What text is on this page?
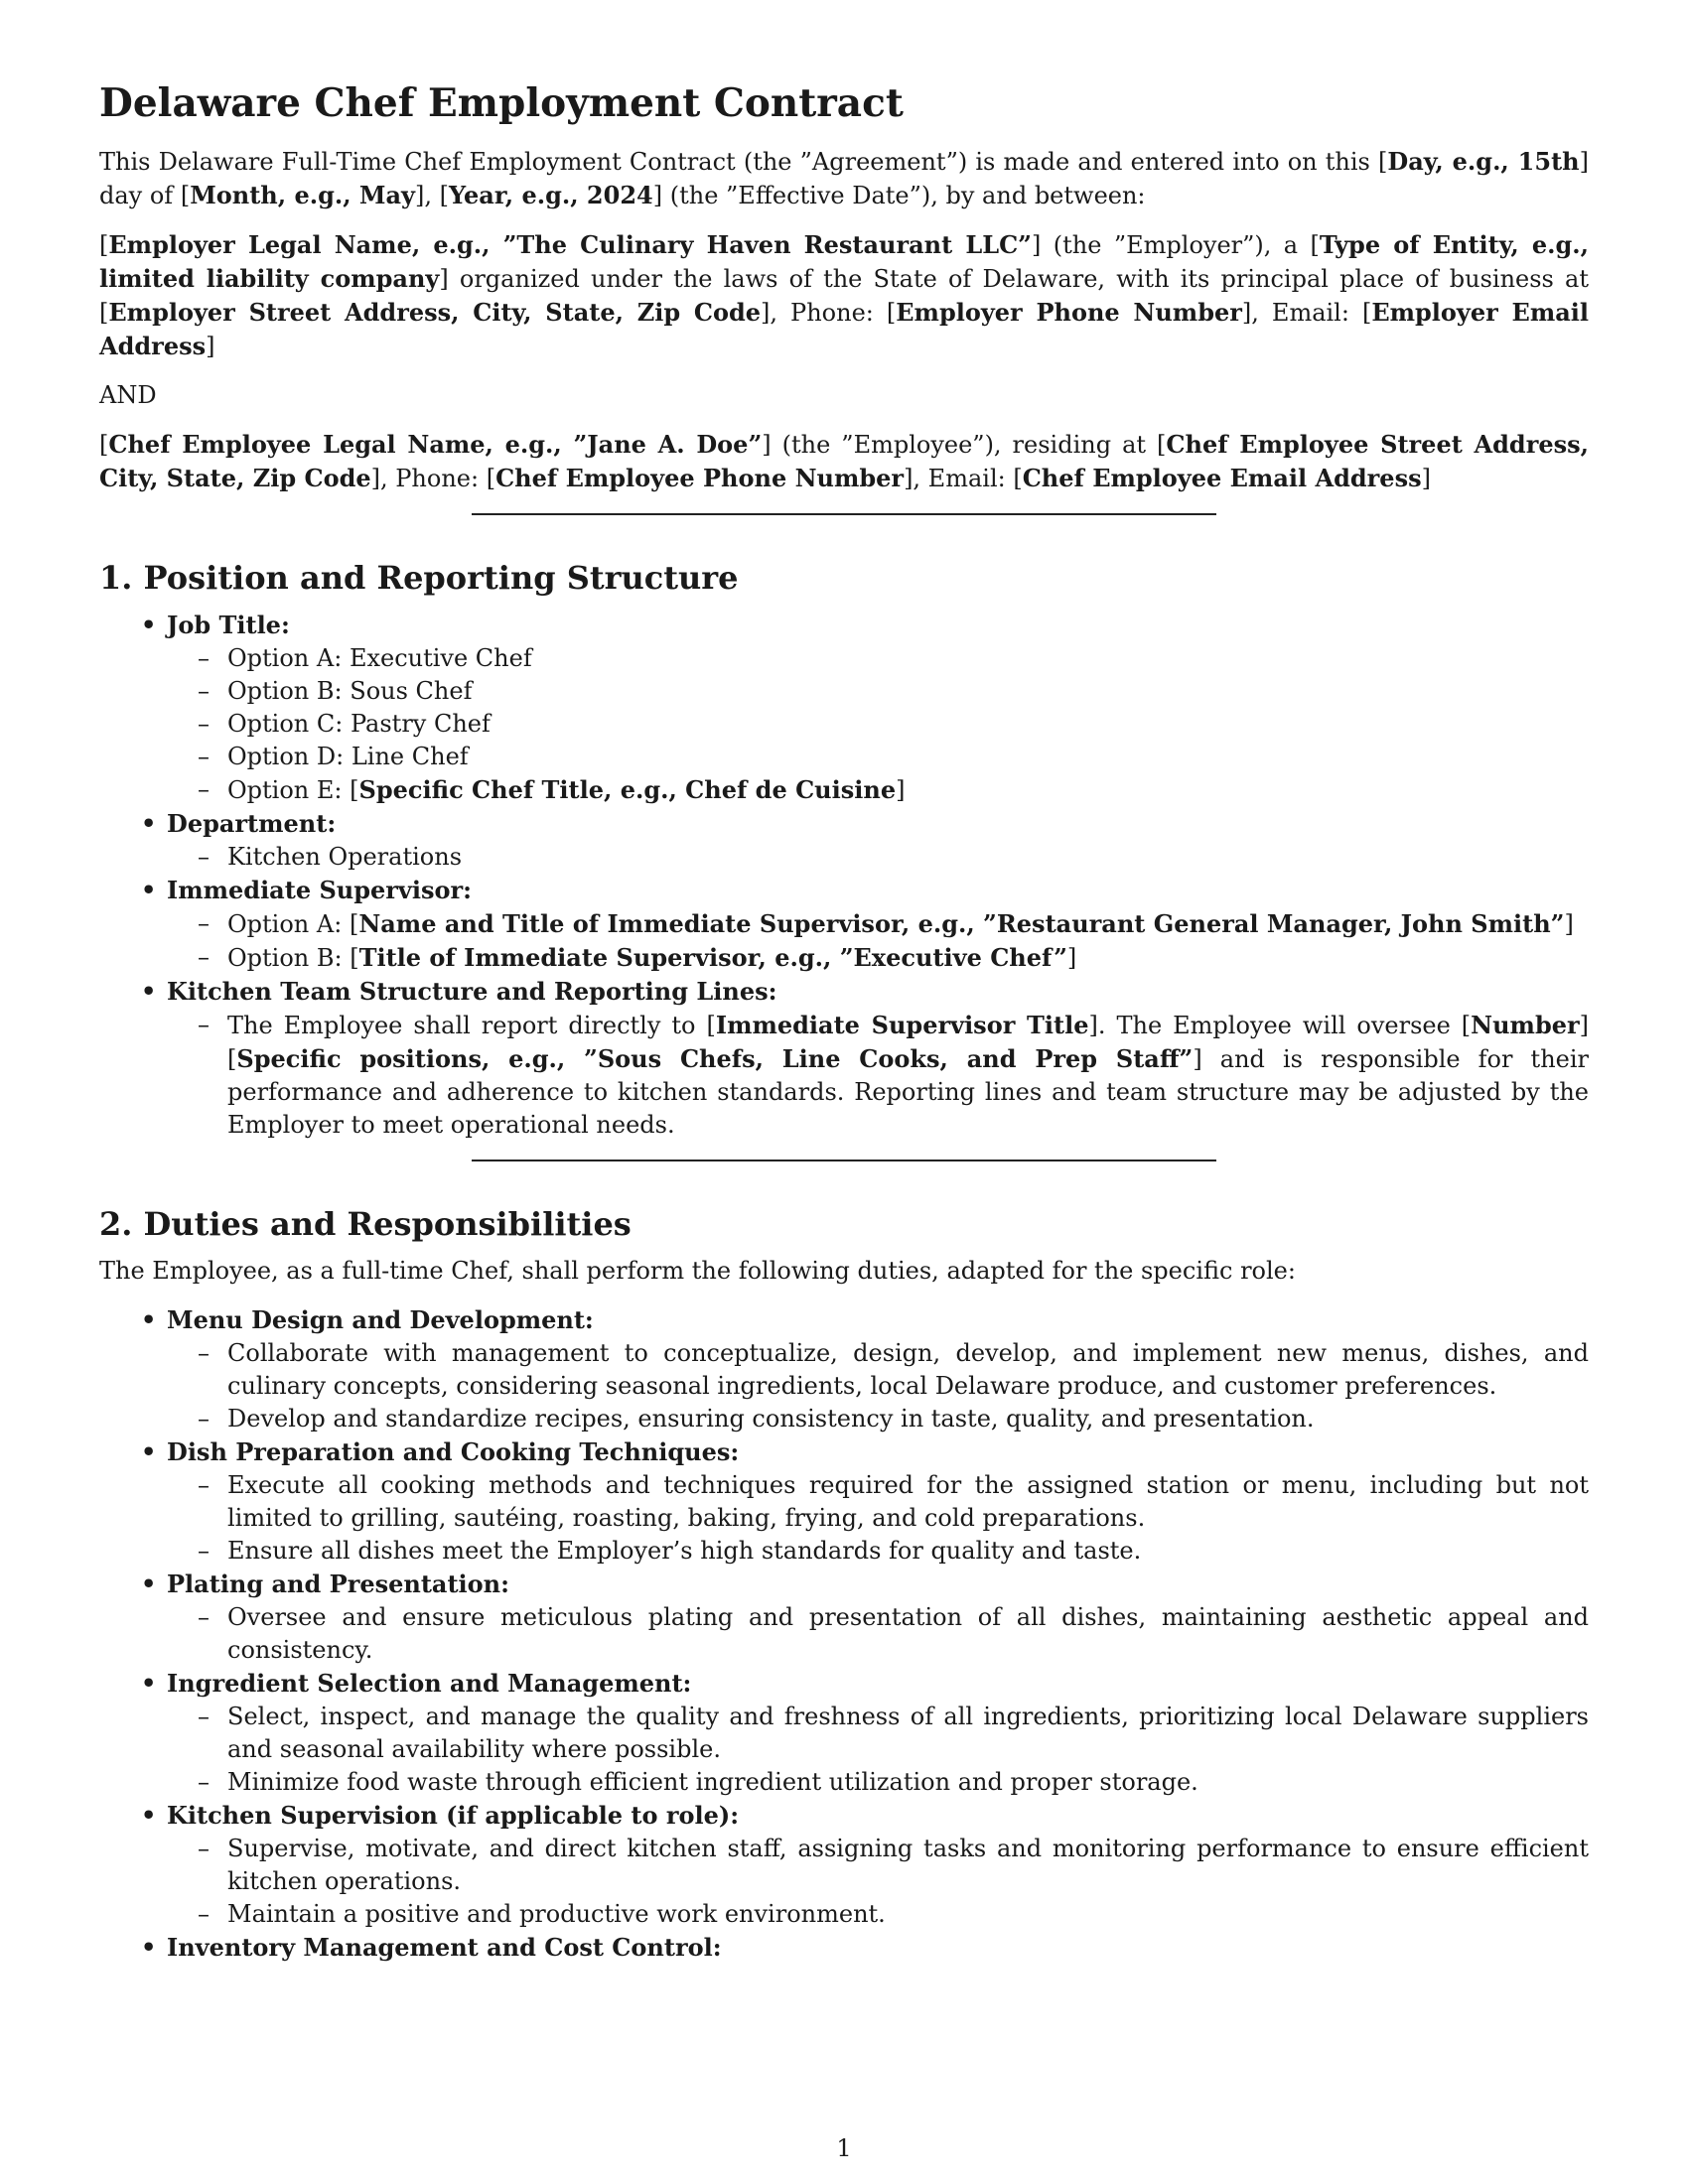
Delaware Chef Employment Contract

This Delaware Full-Time Chef Employment Contract (the ”Agreement”) is made and entered into on this [Day, e.g., 15th] day of [Month, e.g., May], [Year, e.g., 2024] (the ”Effective Date”), by and between:

[Employer Legal Name, e.g., ”The Culinary Haven Restaurant LLC”] (the ”Employer”), a [Type of Entity, e.g., limited liability company] organized under the laws of the State of Delaware, with its principal place of business at [Employer Street Address, City, State, Zip Code], Phone: [Employer Phone Number], Email: [Employer Email Address]

AND

[Chef Employee Legal Name, e.g., ”Jane A. Doe”] (the ”Employee”), residing at [Chef Employee Street Address, City, State, Zip Code], Phone: [Chef Employee Phone Number], Email: [Chef Employee Email Address]

1. Position and Reporting Structure
• Job Title:
– Option A: Executive Chef
– Option B: Sous Chef
– Option C: Pastry Chef
– Option D: Line Chef
– Option E: [Specific Chef Title, e.g., Chef de Cuisine]
• Department:
– Kitchen Operations
• Immediate Supervisor:
– Option A: [Name and Title of Immediate Supervisor, e.g., ”Restaurant General Manager, John Smith”]
– Option B: [Title of Immediate Supervisor, e.g., ”Executive Chef”]
• Kitchen Team Structure and Reporting Lines:
– The Employee shall report directly to [Immediate Supervisor Title]. The Employee will oversee [Number] [Specific positions, e.g., ”Sous Chefs, Line Cooks, and Prep Staff”] and is responsible for their performance and adherence to kitchen standards. Reporting lines and team structure may be adjusted by the Employer to meet operational needs.
2. Duties and Responsibilities

The Employee, as a full-time Chef, shall perform the following duties, adapted for the specific role:

• Menu Design and Development:
– Collaborate with management to conceptualize, design, develop, and implement new menus, dishes, and culinary concepts, considering seasonal ingredients, local Delaware produce, and customer preferences.
– Develop and standardize recipes, ensuring consistency in taste, quality, and presentation.
• Dish Preparation and Cooking Techniques:
– Execute all cooking methods and techniques required for the assigned station or menu, including but not limited to grilling, sautéing, roasting, baking, frying, and cold preparations.
– Ensure all dishes meet the Employer’s high standards for quality and taste.
• Plating and Presentation:
– Oversee and ensure meticulous plating and presentation of all dishes, maintaining aesthetic appeal and consistency.
• Ingredient Selection and Management:
– Select, inspect, and manage the quality and freshness of all ingredients, prioritizing local Delaware suppliers and seasonal availability where possible.
– Minimize food waste through efficient ingredient utilization and proper storage.
• Kitchen Supervision (if applicable to role):
– Supervise, motivate, and direct kitchen staff, assigning tasks and monitoring performance to ensure efficient kitchen operations.
– Maintain a positive and productive work environment.
• Inventory Management and Cost Control:
1
